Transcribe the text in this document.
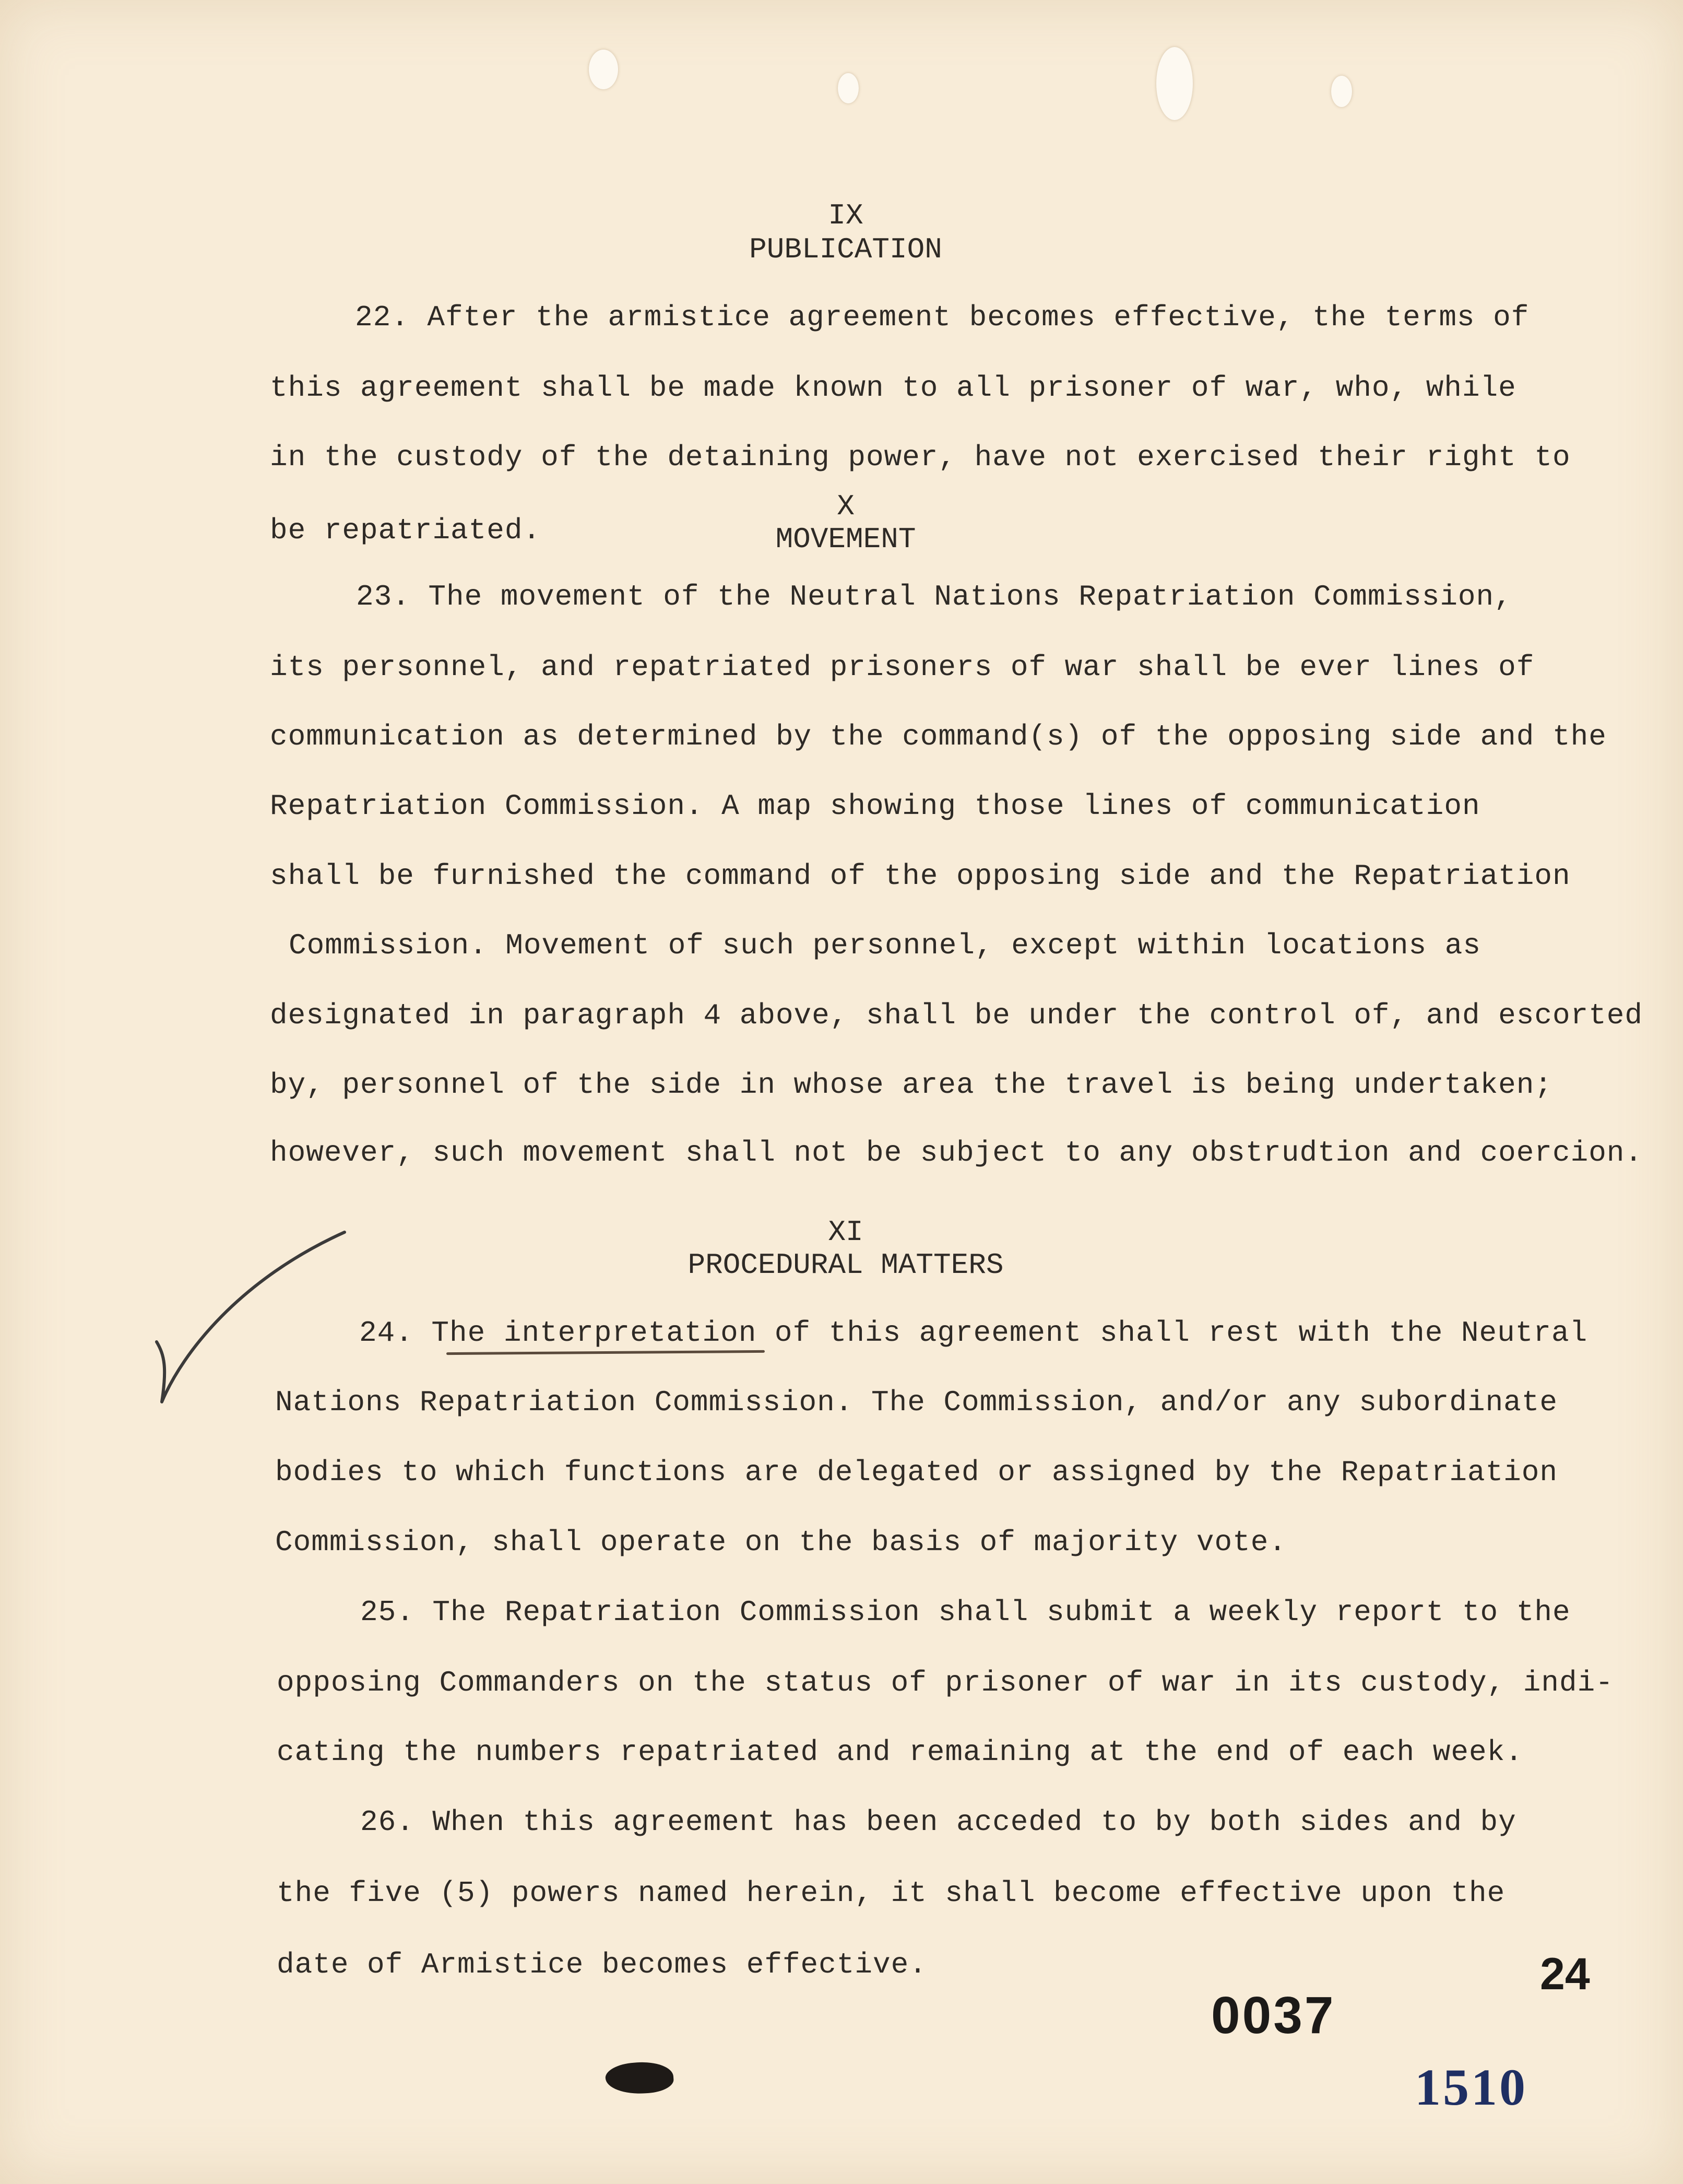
IX
PUBLICATION
22. After the armistice agreement becomes effective, the terms of
this agreement shall be made known to all prisoner of war, who, while
in the custody of the detaining power, have not exercised their right to
be repatriated.
X
MOVEMENT
23. The movement of the Neutral Nations Repatriation Commission,
its personnel, and repatriated prisoners of war shall be ever lines of
communication as determined by the command(s) of the opposing side and the
Repatriation Commission. A map showing those lines of communication
shall be furnished the command of the opposing side and the Repatriation
Commission. Movement of such personnel, except within locations as
designated in paragraph 4 above, shall be under the control of, and escorted
by, personnel of the side in whose area the travel is being undertaken;
however, such movement shall not be subject to any obstrudtion and coercion.
XI
PROCEDURAL MATTERS
24. The interpretation of this agreement shall rest with the Neutral
Nations Repatriation Commission. The Commission, and/or any subordinate
bodies to which functions are delegated or assigned by the Repatriation
Commission, shall operate on the basis of majority vote.
25. The Repatriation Commission shall submit a weekly report to the
opposing Commanders on the status of prisoner of war in its custody, indi-
cating the numbers repatriated and remaining at the end of each week.
26. When this agreement has been acceded to by both sides and by
the five (5) powers named herein, it shall become effective upon the
date of Armistice becomes effective.	24
0037
1510
